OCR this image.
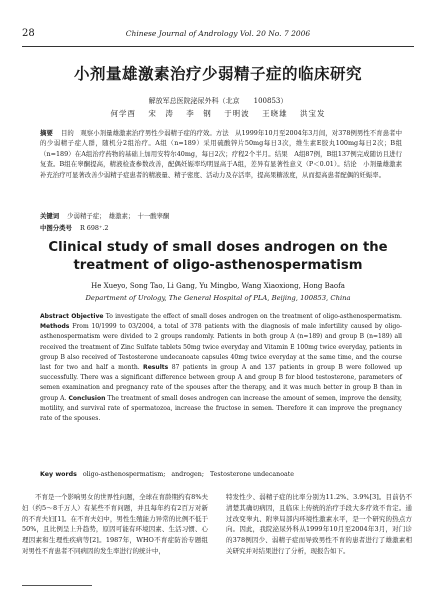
28	Chinese Journal of Andrology Vol. 20 No. 7 2006
小剂量雄激素治疗少弱精子症的临床研究
解放军总医院泌尿外科（北京　　100853）
何学酉 宋　涛 李　钢 于明波 王晓雄 洪宝发

摘要 目的　观察小剂量雄激素治疗男性少弱精子症的疗效。方法　从1999年10月至2004年3月间，对378例男性不育患者中的少弱精子症人群，随机分2组治疗。A组（n=189）采用硫酸锌片50mg每日3次，维生素E胶丸100mg每日2次；B组（n=189）在A组治疗药物的基础上加用安特尔40mg，每日2次；疗程2个半月。结果　A组87例，B组137例完成随访且进行复查。B组在睾酮提高，精液检查参数改善，配偶妊娠率均明显高于A组，差异有显著性意义（P＜0.01）。结论　小剂量雄激素补充治疗可显著改善少弱精子症患者的精液量、精子密度、活动力及存活率，提高果糖浓度，从而提高患者配偶的妊娠率。

关键词 少弱精子症；　雄激素；　十一酸睾酮

中图分类号 R 698⁺.2

Clinical study of small doses androgen on the treatment of oligo-asthenospermatism
He Xueyo, Song Tao, Li Gang, Yu Mingbo, Wang Xiaoxiong, Hong Baofa
Department of Urology, The General Hospital of PLA, Beijing, 100853, China

Abstract Objective To investigate the effect of small doses androgen on the treatment of oligo-asthenospermatism. Methods From 10/1999 to 03/2004, a total of 378 patients with the diagnosis of male infertility caused by oligo-asthenospermatism were divided to 2 groups randomly. Patients in both group A (n=189) and group B (n=189) all received the treatment of Zinc Sulfate tablets 50mg twice everyday and Vitamin E 100mg twice everyday, patients in group B also received of Testosterone undecanoate capsules 40mg twice everyday at the same time, and the course last for two and half a month. Results 87 patients in group A and 137 patients in group B were followed up successfully. There was a significant difference between group A and group B for blood testosterone, parameters of semen examination and pregnancy rate of the spouses after the therapy, and it was much better in group B than in group A. Conclusion The treatment of small doses androgen can increase the amount of semen, improve the density, motility, and survival rate of spermatozoa, increase the fructose in semen. Therefore it can improve the pregnancy rate of the spouses.

Key words oligo-asthenospermatism; androgen; Testosterone undecanoate

不育是一个影响男女的世界性问题，全球在育龄期约有8%夫妇（约5～8千万人）有某些不育问题，并且每年约有2百万对新的不育夫妇[1]。在不育夫妇中，男性生殖能力异常的比例不低于50%，且比例呈上升趋势，原因可能有环境因素、生活习惯、心理因素和生理性疾病等[2]。1987年，WHO不育症防治专题组对男性不育患者不同病因的发生率进行的统计中，

特发性少、弱精子症的比率分别为11.2%、3.9%[3]。目前仍不清楚其确切病因，且临床上传统的治疗手段大多疗效不肯定。通过改变睾丸、附睾局部内环境性激素水平，是一个研究的热点方向。因此，我院泌尿外科从1999年10月至2004年3月，对门诊的378例因少、弱精子症而导致男性不育的患者进行了雄激素相关研究并对结果进行了分析，现报告如下。
